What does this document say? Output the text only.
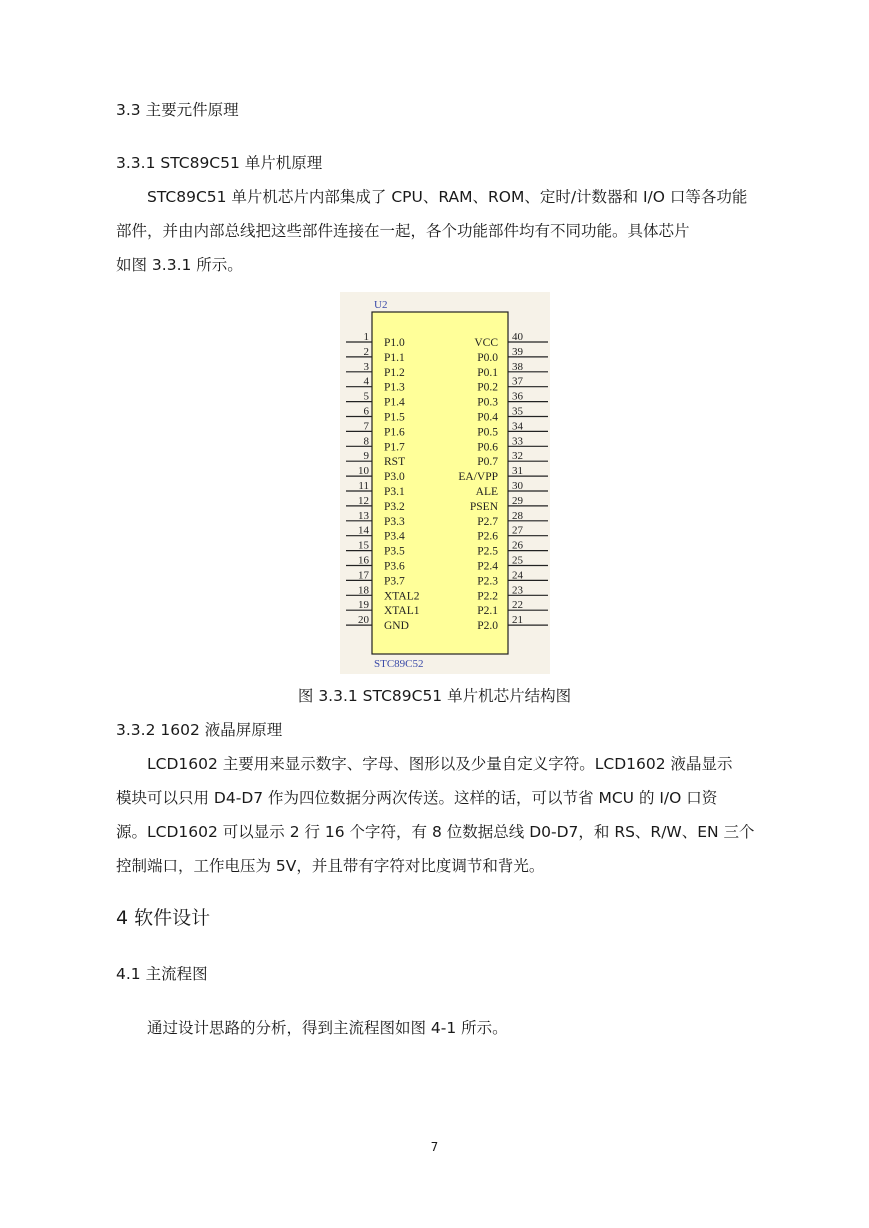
3.3 主要元件原理
3.3.1 STC89C51 单片机原理
STC89C51 单片机芯片内部集成了 CPU、RAM、ROM、定时/计数器和 I/O 口等各功能
部件，并由内部总线把这些部件连接在一起，各个功能部件均有不同功能。具体芯片
如图 3.3.1 所示。
U2
1 P1.0
2 P1.1
3 P1.2
4 P1.3
5 P1.4
6 P1.5
7 P1.6
8 P1.7
9 RST
10 P3.0
11 P3.1
12 P3.2
13 P3.3
14 P3.4
15 P3.5
16 P3.6
17 P3.7
18 XTAL2
19 XTAL1
20 GND
40
VCC
39
P0.0
38
P0.1
37
P0.2
36
P0.3
35
P0.4
34
P0.5
33
P0.6
32
P0.7
31
EA/VPP
30
ALE
29
PSEN
28
P2.7
27
P2.6
26
P2.5
25
P2.4
24
P2.3
23
P2.2
22
P2.1
21
P2.0
STC89C52
图 3.3.1 STC89C51 单片机芯片结构图
3.3.2 1602 液晶屏原理
LCD1602 主要用来显示数字、字母、图形以及少量自定义字符。LCD1602 液晶显示
模块可以只用 D4-D7 作为四位数据分两次传送。这样的话，可以节省 MCU 的 I/O 口资
源。LCD1602 可以显示 2 行 16 个字符，有 8 位数据总线 D0-D7，和 RS、R/W、EN 三个
控制端口，工作电压为 5V，并且带有字符对比度调节和背光。
4 软件设计
4.1 主流程图
通过设计思路的分析，得到主流程图如图 4-1 所示。
7
